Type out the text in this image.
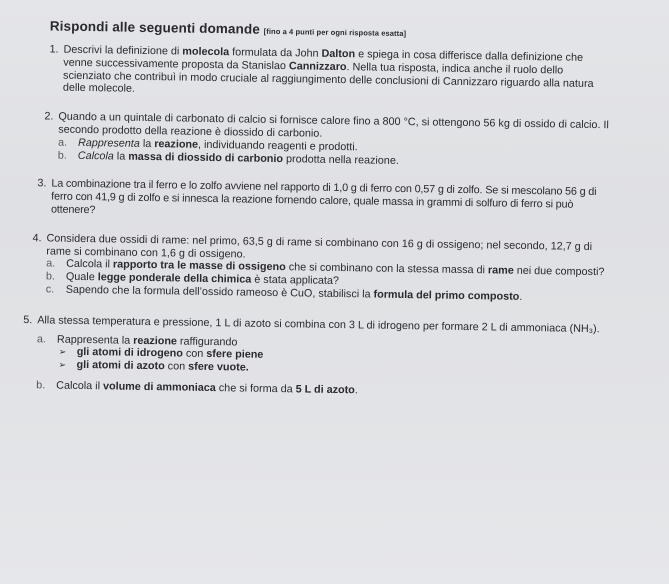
Rispondi alle seguenti domande [fino a 4 punti per ogni risposta esatta]
1. Descrivi la definizione di molecola formulata da John Dalton e spiega in cosa differisce dalla definizione che venne successivamente proposta da Stanislao Cannizzaro. Nella tua risposta, indica anche il ruolo dello scienziato che contribuì in modo cruciale al raggiungimento delle conclusioni di Cannizzaro riguardo alla natura delle molecole.
2. Quando a un quintale di carbonato di calcio si fornisce calore fino a 800 °C, si ottengono 56 kg di ossido di calcio. Il secondo prodotto della reazione è diossido di carbonio.
a. Rappresenta la reazione, individuando reagenti e prodotti.
b. Calcola la massa di diossido di carbonio prodotta nella reazione.
3. La combinazione tra il ferro e lo zolfo avviene nel rapporto di 1,0 g di ferro con 0,57 g di zolfo. Se si mescolano 56 g di ferro con 41,9 g di zolfo e si innesca la reazione fornendo calore, quale massa in grammi di solfuro di ferro si può ottenere?
4. Considera due ossidi di rame: nel primo, 63,5 g di rame si combinano con 16 g di ossigeno; nel secondo, 12,7 g di rame si combinano con 1,6 g di ossigeno.
a. Calcola il rapporto tra le masse di ossigeno che si combinano con la stessa massa di rame nei due composti?
b. Quale legge ponderale della chimica è stata applicata?
c.	Sapendo che la formula dell’ossido rameoso è CuO, stabilisci la formula del primo composto.
5. Alla stessa temperatura e pressione, 1 L di azoto si combina con 3 L di idrogeno per formare 2 L di ammoniaca (NH₃).
a. Rappresenta la reazione raffigurando
➢ gli atomi di idrogeno con sfere piene
➢ gli atomi di azoto con sfere vuote.
b. Calcola il volume di ammoniaca che si forma da 5 L di azoto.
